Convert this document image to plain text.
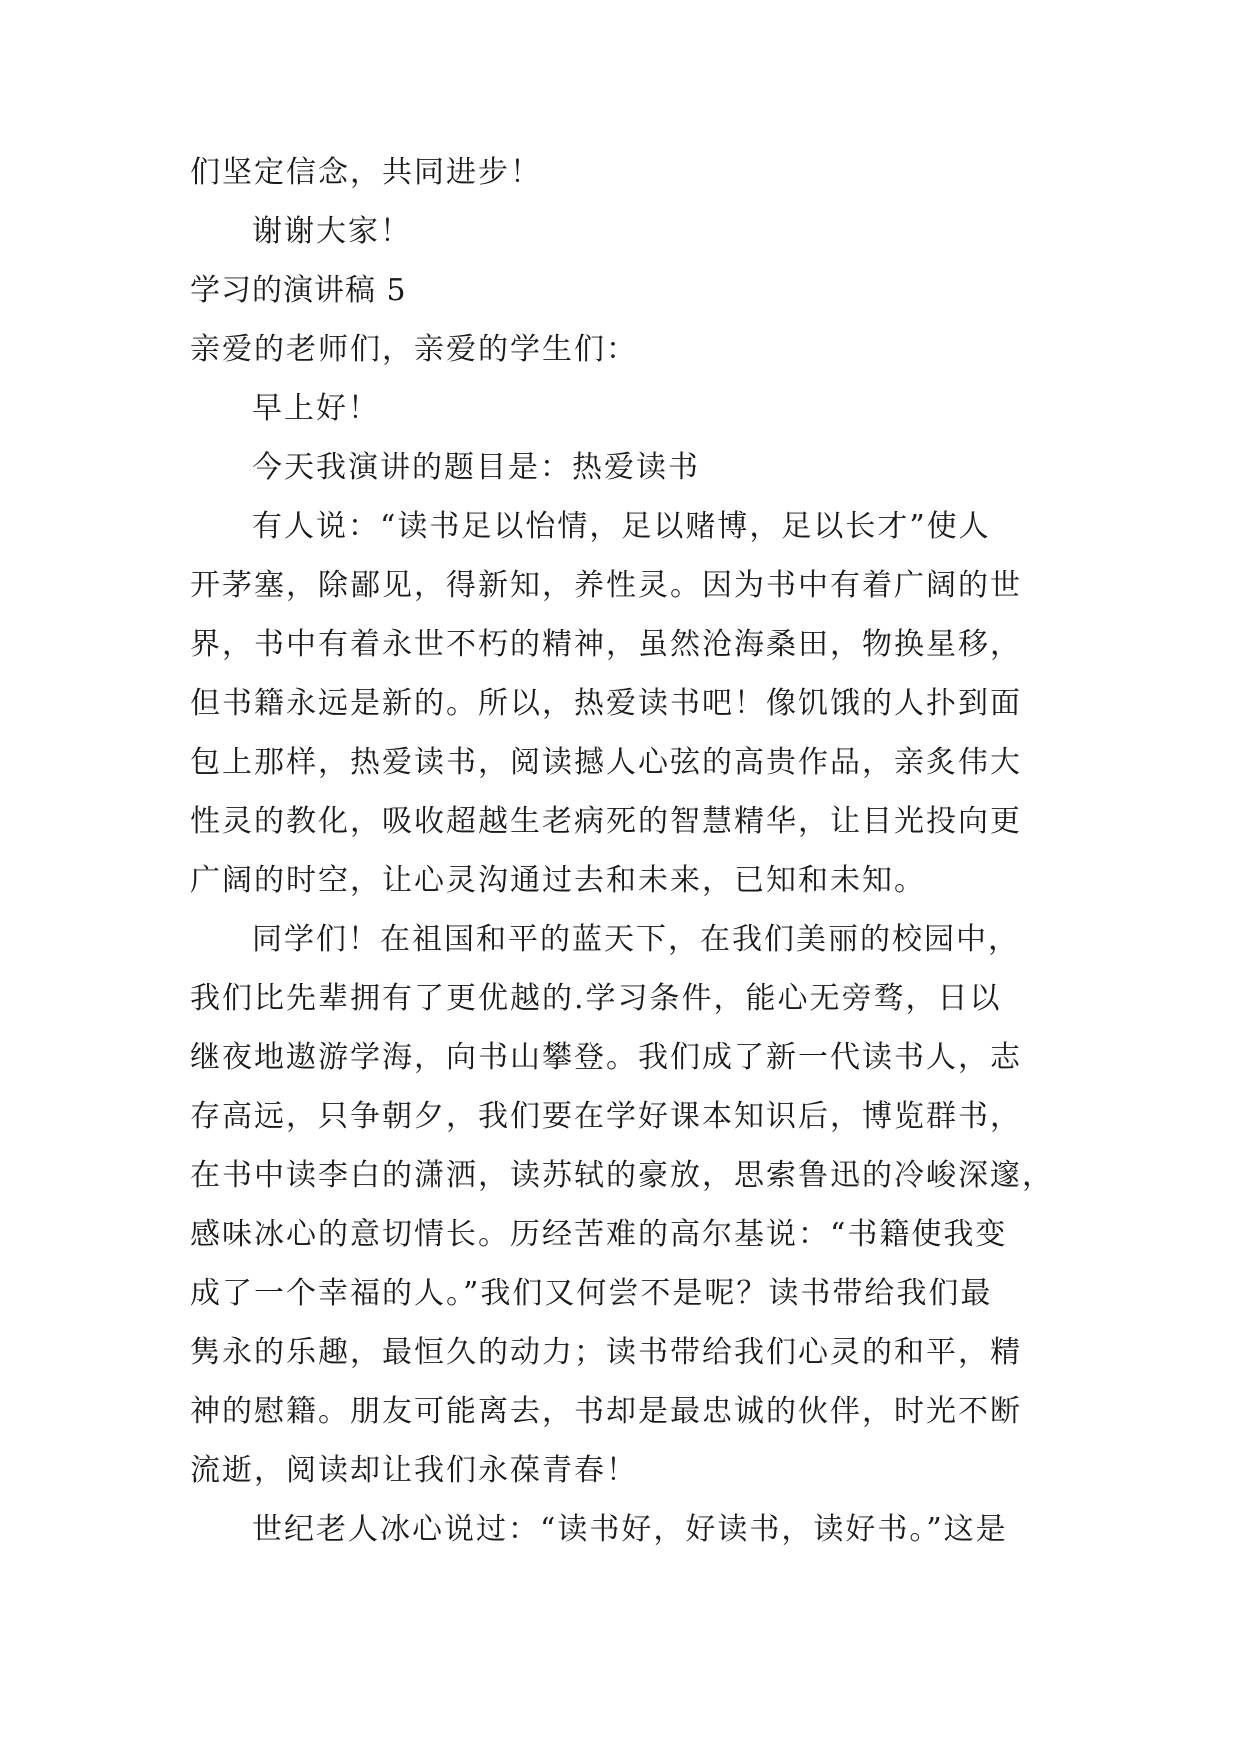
们坚定信念，共同进步！
谢谢大家！
学习的演讲稿 5
亲爱的老师们，亲爱的学生们：
早上好！
今天我演讲的题目是：热爱读书
有人说：“读书足以怡情，足以赌博，足以长才”使人
开茅塞，除鄙见，得新知，养性灵。因为书中有着广阔的世
界，书中有着永世不朽的精神，虽然沧海桑田，物换星移，
但书籍永远是新的。所以，热爱读书吧！像饥饿的人扑到面
包上那样，热爱读书，阅读撼人心弦的高贵作品，亲炙伟大
性灵的教化，吸收超越生老病死的智慧精华，让目光投向更
广阔的时空，让心灵沟通过去和未来，已知和未知。
同学们！在祖国和平的蓝天下，在我们美丽的校园中，
我们比先辈拥有了更优越的.学习条件，能心无旁骛，日以
继夜地遨游学海，向书山攀登。我们成了新一代读书人，志
存高远，只争朝夕，我们要在学好课本知识后，博览群书，
在书中读李白的潇洒，读苏轼的豪放，思索鲁迅的冷峻深邃，
感味冰心的意切情长。历经苦难的高尔基说：“书籍使我变
成了一个幸福的人。”我们又何尝不是呢？读书带给我们最
隽永的乐趣，最恒久的动力；读书带给我们心灵的和平，精
神的慰籍。朋友可能离去，书却是最忠诚的伙伴，时光不断
流逝，阅读却让我们永葆青春！
世纪老人冰心说过：“读书好，好读书，读好书。”这是
